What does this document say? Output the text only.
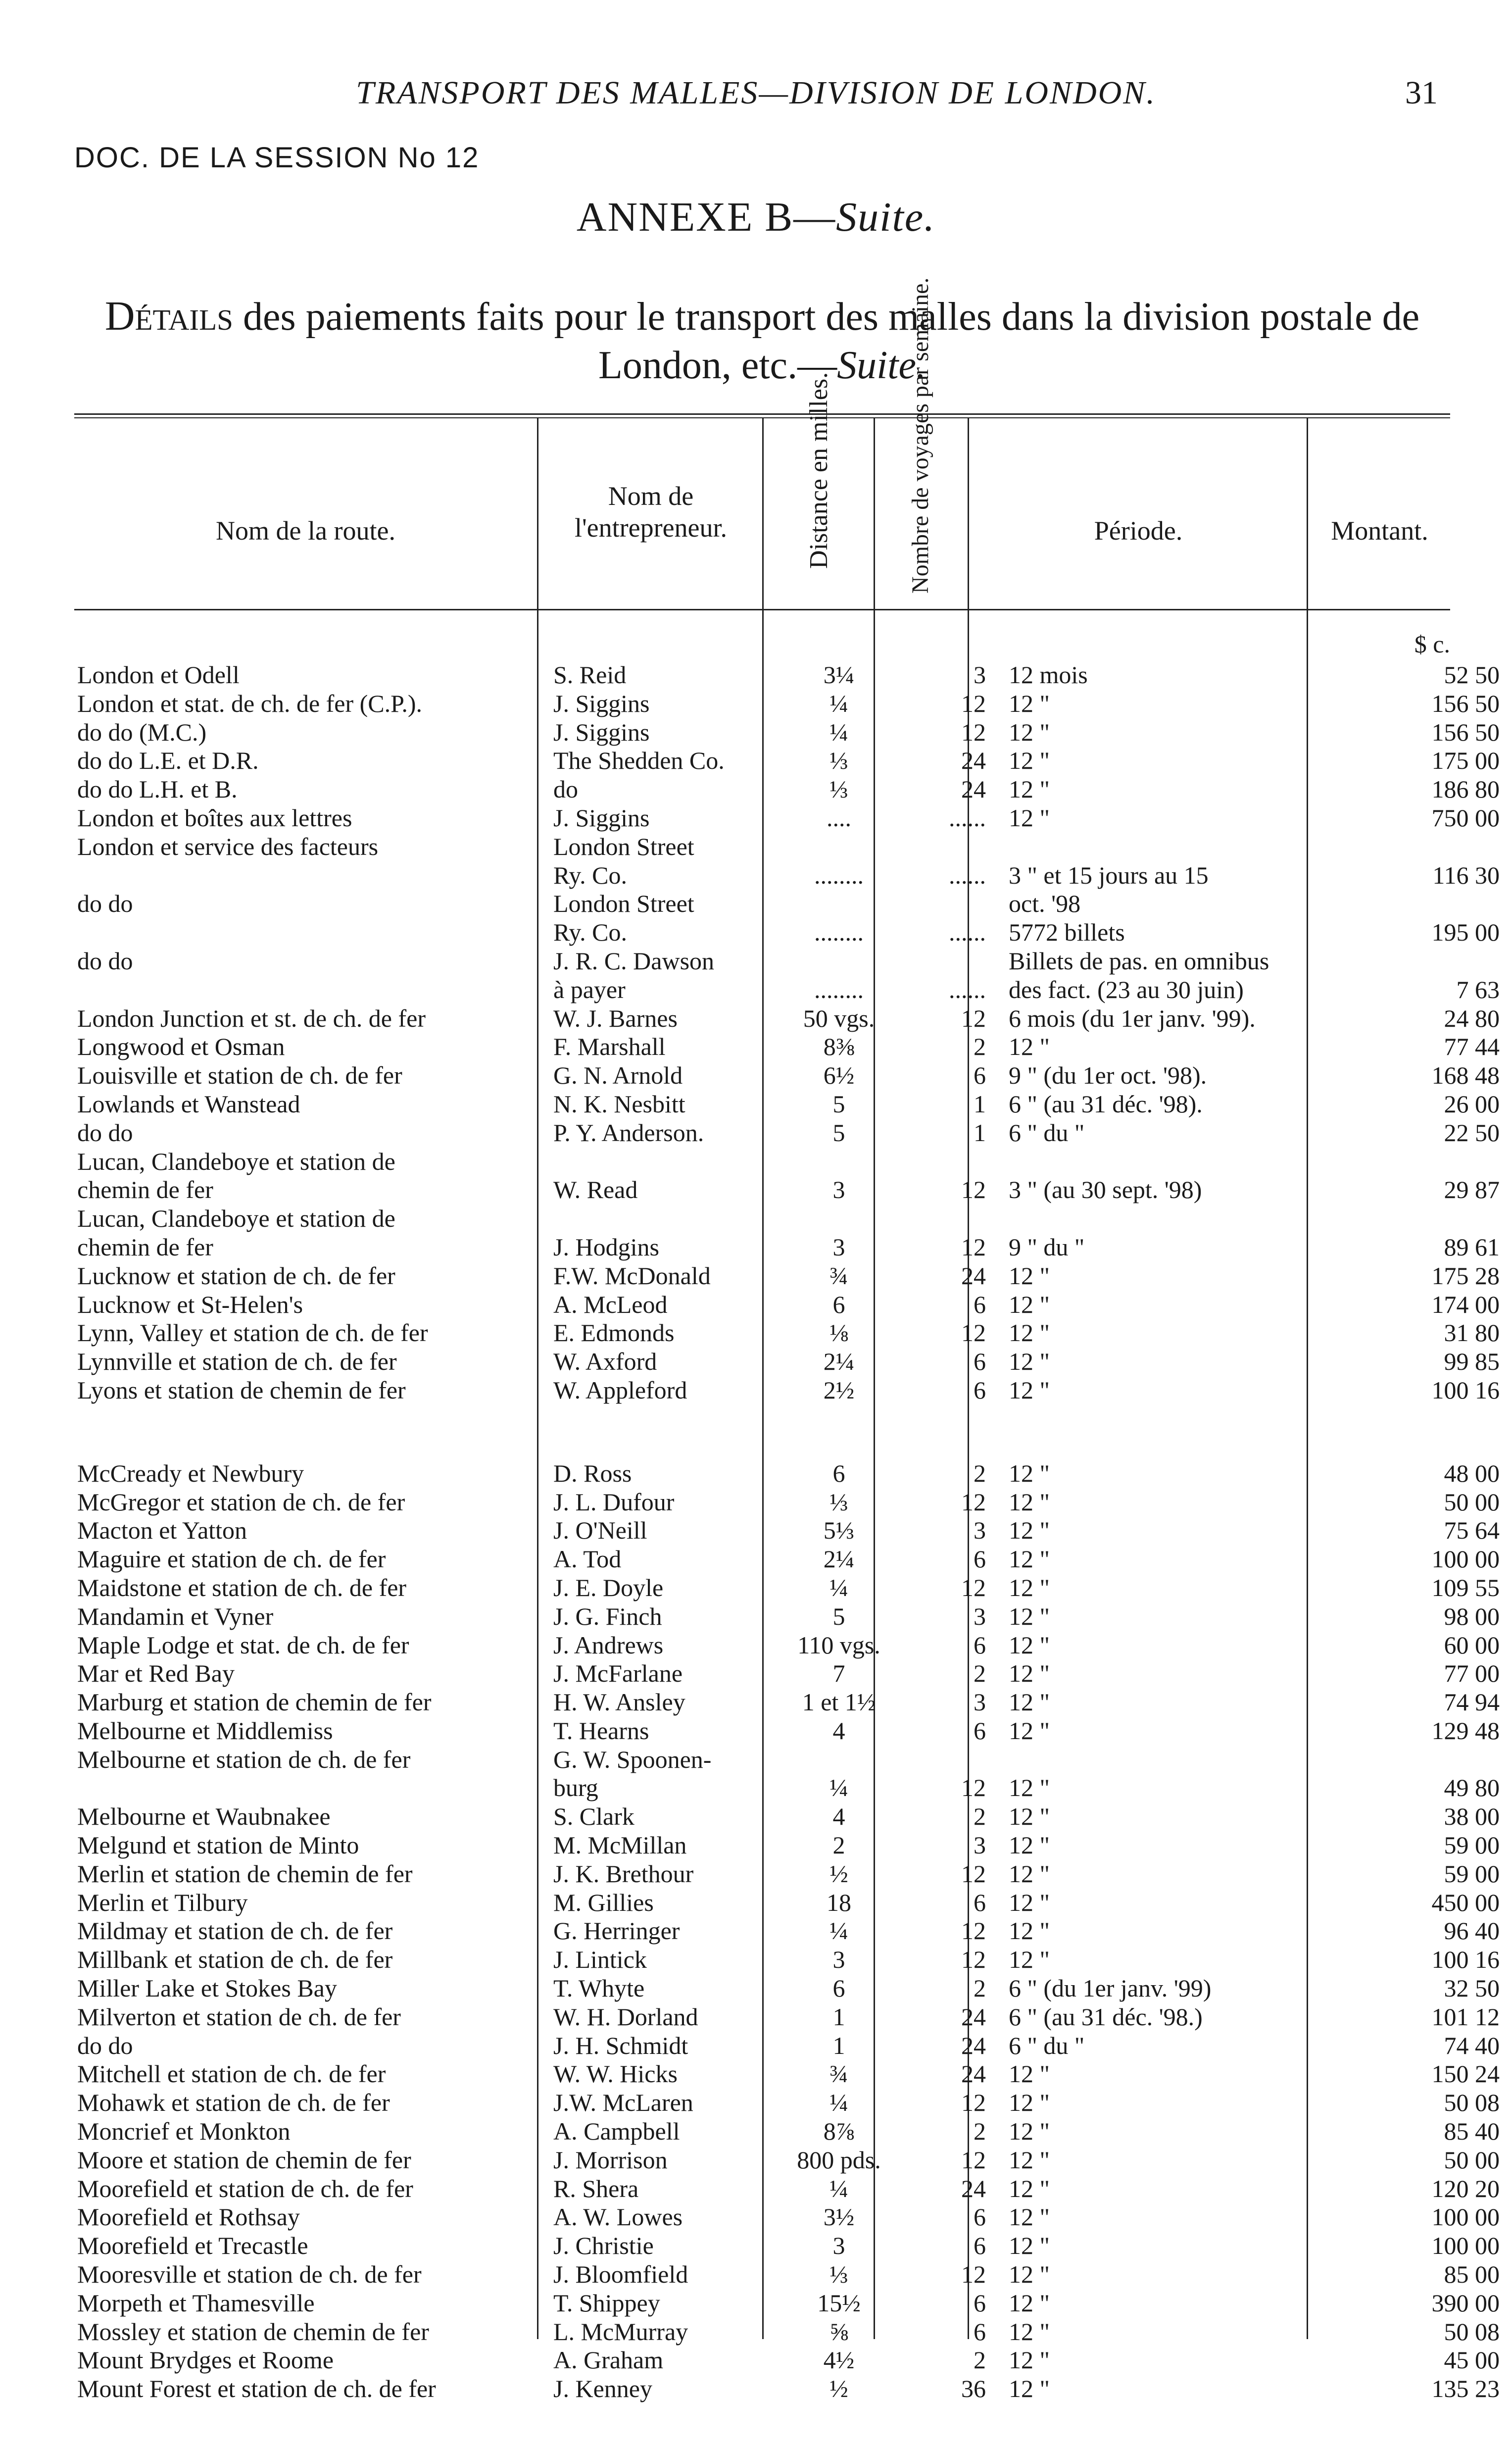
TRANSPORT DES MALLES—DIVISION DE LONDON.	31
DOC. DE LA SESSION No 12
ANNEXE B—Suite.
Détails des paiements faits pour le transport des malles dans la division postale de London, etc.—Suite.
Nom de la route.
Nom de l'entrepreneur.	Distance en milles.	Nombre de voyages par semaine.	Période.	Montant.
$ c.
London et Odell	S. Reid	3¼	3	12 mois	52 50
London et stat. de ch. de fer (C.P.).	J. Siggins	¼	12	12 "	156 50
do do (M.C.)	J. Siggins	¼	12	12 "	156 50
do do L.E. et D.R.	The Shedden Co.	⅓	24	12 "	175 00
do do L.H. et B.	do	⅓	24	12 "	186 80
London et boîtes aux lettres	J. Siggins	....	......	12 "	750 00
London et service des facteurs	London Street				
	Ry. Co.	........	......	3 " et 15 jours au 15	116 30
do do	London Street			oct. '98	
	Ry. Co.	........	......	5772 billets	195 00
do do	J. R. C. Dawson			Billets de pas. en omnibus	
	à payer	........	......	des fact. (23 au 30 juin)	7 63
London Junction et st. de ch. de fer	W. J. Barnes	50 vgs.	12	6 mois (du 1er janv. '99).	24 80
Longwood et Osman	F. Marshall	8⅜	2	12 "	77 44
Louisville et station de ch. de fer	G. N. Arnold	6½	6	9 " (du 1er oct. '98).	168 48
Lowlands et Wanstead	N. K. Nesbitt	5	1	6 " (au 31 déc. '98).	26 00
do do	P. Y. Anderson.	5	1	6 " du "	22 50
Lucan, Clandeboye et station de					
chemin de fer	W. Read	3	12	3 " (au 30 sept. '98)	29 87
Lucan, Clandeboye et station de					
chemin de fer	J. Hodgins	3	12	9 " du "	89 61
Lucknow et station de ch. de fer	F.W. McDonald	¾	24	12 "	175 28
Lucknow et St-Helen's	A. McLeod	6	6	12 "	174 00
Lynn, Valley et station de ch. de fer	E. Edmonds	⅛	12	12 "	31 80
Lynnville et station de ch. de fer	W. Axford	2¼	6	12 "	99 85
Lyons et station de chemin de fer	W. Appleford	2½	6	12 "	100 16

McCready et Newbury	D. Ross	6	2	12 "	48 00
McGregor et station de ch. de fer	J. L. Dufour	⅓	12	12 "	50 00
Macton et Yatton	J. O'Neill	5⅓	3	12 "	75 64
Maguire et station de ch. de fer	A. Tod	2¼	6	12 "	100 00
Maidstone et station de ch. de fer	J. E. Doyle	¼	12	12 "	109 55
Mandamin et Vyner	J. G. Finch	5	3	12 "	98 00
Maple Lodge et stat. de ch. de fer	J. Andrews	110 vgs.	6	12 "	60 00
Mar et Red Bay	J. McFarlane	7	2	12 "	77 00
Marburg et station de chemin de fer	H. W. Ansley	1 et 1½	3	12 "	74 94
Melbourne et Middlemiss	T. Hearns	4	6	12 "	129 48
Melbourne et station de ch. de fer	G. W. Spoonen-				
	burg	¼	12	12 "	49 80
Melbourne et Waubnakee	S. Clark	4	2	12 "	38 00
Melgund et station de Minto	M. McMillan	2	3	12 "	59 00
Merlin et station de chemin de fer	J. K. Brethour	½	12	12 "	59 00
Merlin et Tilbury	M. Gillies	18	6	12 "	450 00
Mildmay et station de ch. de fer	G. Herringer	¼	12	12 "	96 40
Millbank et station de ch. de fer	J. Lintick	3	12	12 "	100 16
Miller Lake et Stokes Bay	T. Whyte	6	2	6 " (du 1er janv. '99)	32 50
Milverton et station de ch. de fer	W. H. Dorland	1	24	6 " (au 31 déc. '98.)	101 12
do do	J. H. Schmidt	1	24	6 " du "	74 40
Mitchell et station de ch. de fer	W. W. Hicks	¾	24	12 "	150 24
Mohawk et station de ch. de fer	J.W. McLaren	¼	12	12 "	50 08
Moncrief et Monkton	A. Campbell	8⅞	2	12 "	85 40
Moore et station de chemin de fer	J. Morrison	800 pds.	12	12 "	50 00
Moorefield et station de ch. de fer	R. Shera	¼	24	12 "	120 20
Moorefield et Rothsay	A. W. Lowes	3½	6	12 "	100 00
Moorefield et Trecastle	J. Christie	3	6	12 "	100 00
Mooresville et station de ch. de fer	J. Bloomfield	⅓	12	12 "	85 00
Morpeth et Thamesville	T. Shippey	15½	6	12 "	390 00
Mossley et station de chemin de fer	L. McMurray	⅝	6	12 "	50 08
Mount Brydges et Roome	A. Graham	4½	2	12 "	45 00
Mount Forest et station de ch. de fer	J. Kenney	½	36	12 "	135 23
